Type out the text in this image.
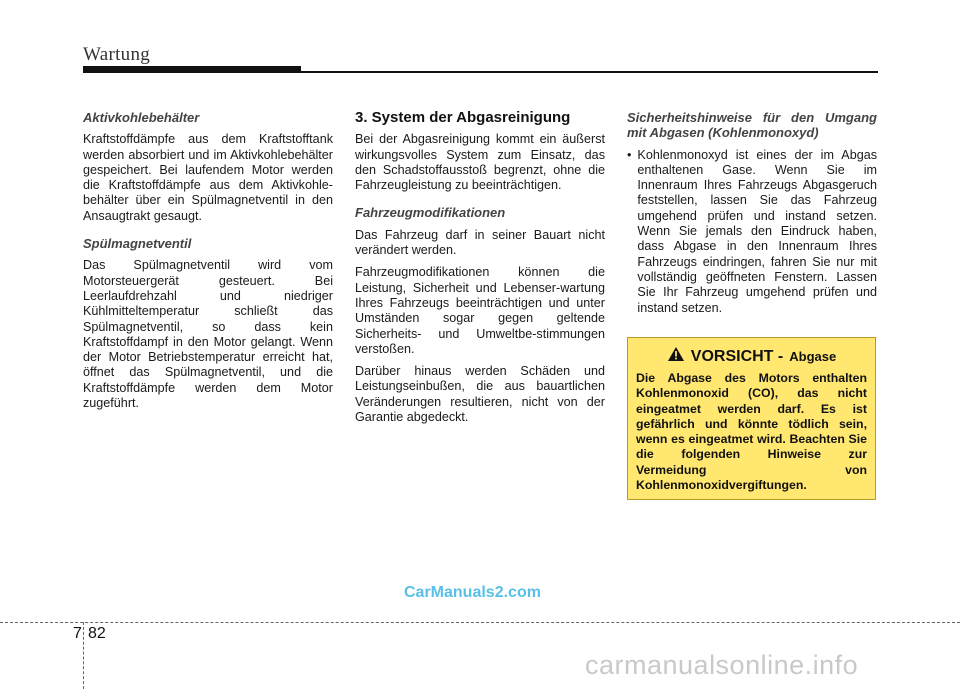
Wartung

Aktivkohlebehälter

Kraftstoffdämpfe aus dem Kraftstofftank werden absorbiert und im Aktivkohlebehälter gespeichert. Bei laufendem Motor werden die Kraftstoffdämpfe aus dem Aktivkohle-behälter über ein Spülmagnetventil in den Ansaugtrakt gesaugt.

Spülmagnetventil

Das Spülmagnetventil wird vom Motorsteuergerät gesteuert. Bei Leerlaufdrehzahl und niedriger Kühlmitteltemperatur schließt das Spülmagnetventil, so dass kein Kraftstoffdampf in den Motor gelangt. Wenn der Motor Betriebstemperatur erreicht hat, öffnet das Spülmagnetventil, und die Kraftstoffdämpfe werden dem Motor zugeführt.

3. System der Abgasreinigung

Bei der Abgasreinigung kommt ein äußerst wirkungsvolles System zum Einsatz, das den Schadstoffausstoß begrenzt, ohne die Fahrzeugleistung zu beeinträchtigen.

Fahrzeugmodifikationen

Das Fahrzeug darf in seiner Bauart nicht verändert werden.

Fahrzeugmodifikationen können die Leistung, Sicherheit und Lebenser-wartung Ihres Fahrzeugs beeinträchtigen und unter Umständen sogar gegen geltende Sicherheits- und Umweltbe-stimmungen verstoßen.

Darüber hinaus werden Schäden und Leistungseinbußen, die aus bauartlichen Veränderungen resultieren, nicht von der Garantie abgedeckt.

Sicherheitshinweise für den Umgang mit Abgasen (Kohlenmonoxyd)

• Kohlenmonoxyd ist eines der im Abgas enthaltenen Gase. Wenn Sie im Innenraum Ihres Fahrzeugs Abgasgeruch feststellen, lassen Sie das Fahrzeug umgehend prüfen und instand setzen. Wenn Sie jemals den Eindruck haben, dass Abgase in den Innenraum Ihres Fahrzeugs eindringen, fahren Sie nur mit vollständig geöffneten Fenstern. Lassen Sie Ihr Fahrzeug umgehend prüfen und instand setzen.
VORSICHT - Abgase
Die Abgase des Motors enthalten Kohlenmonoxid (CO), das nicht eingeatmet werden darf. Es ist gefährlich und könnte tödlich sein, wenn es eingeatmet wird. Beachten Sie die folgenden Hinweise zur Vermeidung von Kohlenmonoxidvergiftungen.
CarManuals2.com
7 82
carmanualsonline.info
